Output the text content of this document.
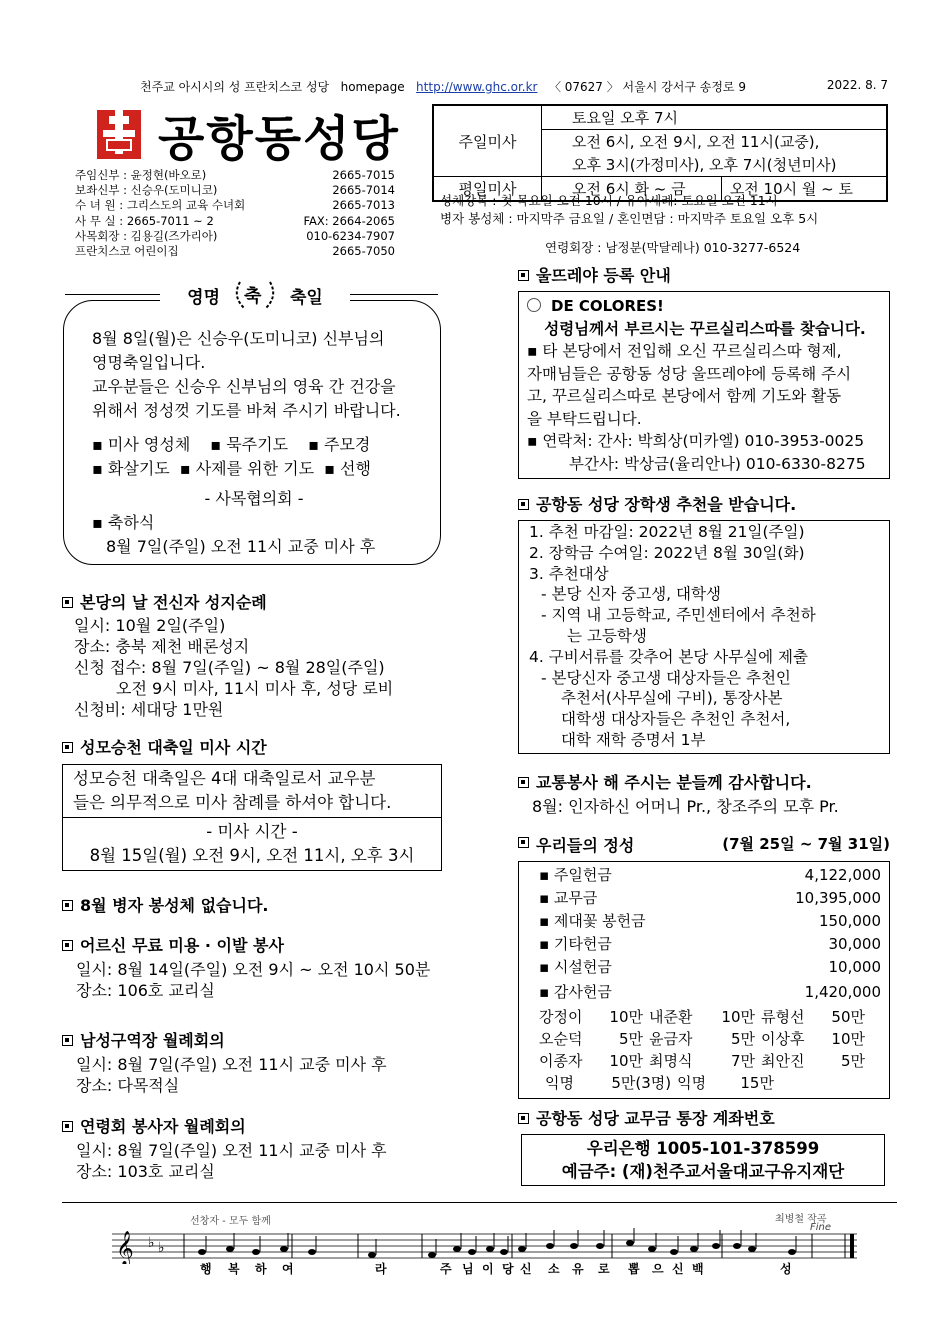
천주교 아시시의 성 프란치스코 성당 homepage http://www.ghc.or.kr 〈 07627 〉 서울시 강서구 송정로 9	2022. 8. 7
공항동성당
주임신부 : 윤정현(바오로)	2665-7015
보좌신부 : 신승우(도미니코)	2665-7014
수 녀 원 : 그리스도의 교육 수녀회	2665-7013
사 무 실 : 2665-7011 ~ 2	FAX: 2664-2065
사목회장 : 김용길(즈가리아)	010-6234-7907
프란치스코 어린이집	2665-7050
주일미사	토요일 오후 7시	
	오전 6시, 오전 9시, 오전 11시(교중),	
	오후 3시(가정미사), 오후 7시(청년미사)	
평일미사	오전 6시 화 ~ 금	오전 10시 월 ~ 토
성체강복 : 첫 목요일 오전 10시 / 유아세례: 토요일 오전 11시
병자 봉성체 : 마지막주 금요일 / 혼인면담 : 마지막주 토요일 오후 5시
연령회장 : 남정분(막달레나) 010-3277-6524
8월 8일(월)은 신승우(도미니코) 신부님의
영명축일입니다.
교우분들은 신승우 신부님의 영육 간 건강을
위해서 정성껏 기도를 바쳐 주시기 바랍니다.
▪ 미사 영성체 ▪ 묵주기도 ▪ 주모경
▪ 화살기도 ▪ 사제를 위한 기도 ▪ 선행
- 사목협의회 -
▪ 축하식
8월 7일(주일) 오전 11시 교중 미사 후
영명 축 축일
본당의 날 전신자 성지순례
일시: 10월 2일(주일)
장소: 충북 제천 배론성지
신청 접수: 8월 7일(주일) ~ 8월 28일(주일)
오전 9시 미사, 11시 미사 후, 성당 로비
신청비: 세대당 1만원
성모승천 대축일 미사 시간
성모승천 대축일은 4대 대축일로서 교우분
들은 의무적으로 미사 참례를 하셔야 합니다.
- 미사 시간 -
8월 15일(월) 오전 9시, 오전 11시, 오후 3시
8월 병자 봉성체 없습니다.
어르신 무료 미용 · 이발 봉사
일시: 8월 14일(주일) 오전 9시 ~ 오전 10시 50분
장소: 106호 교리실
남성구역장 월례회의
일시: 8월 7일(주일) 오전 11시 교중 미사 후
장소: 다목적실
연령회 봉사자 월례회의
일시: 8월 7일(주일) 오전 11시 교중 미사 후
장소: 103호 교리실
울뜨레야 등록 안내
DE COLORES!
성령님께서 부르시는 꾸르실리스따를 찾습니다.
▪ 타 본당에서 전입해 오신 꾸르실리스따 형제,
자매님들은 공항동 성당 울뜨레야에 등록해 주시
고, 꾸르실리스따로 본당에서 함께 기도와 활동
을 부탁드립니다.
▪ 연락처: 간사: 박희상(미카엘) 010-3953-0025
부간사: 박상금(율리안나) 010-6330-8275
공항동 성당 장학생 추천을 받습니다.
1. 추천 마감일: 2022년 8월 21일(주일)
2. 장학금 수여일: 2022년 8월 30일(화)
3. 추천대상
- 본당 신자 중고생, 대학생
- 지역 내 고등학교, 주민센터에서 추천하
는 고등학생
4. 구비서류를 갖추어 본당 사무실에 제출
- 본당신자 중고생 대상자들은 추천인
추천서(사무실에 구비), 통장사본
대학생 대상자들은 추천인 추천서,
대학 재학 증명서 1부
교통봉사 해 주시는 분들께 감사합니다.
8월: 인자하신 어머니 Pr., 창조주의 모후 Pr.
우리들의 정성	(7월 25일 ~ 7월 31일)
▪ 주일헌금	4,122,000
▪ 교무금	10,395,000
▪ 제대꽃 봉헌금	150,000
▪ 기타헌금	30,000
▪ 시설헌금	10,000
▪ 감사헌금	1,420,000
강정이	10만 내준환	10만 류형선	50만
오순덕	5만 윤금자	5만 이상후	10만
이종자	10만 최명식	7만 최안진	5만
익명	5만(3명) 익명	15만
공항동 성당 교무금 통장 계좌번호
우리은행 1005-101-378599
예금주: (재)천주교서울대교구유지재단
선창자 - 모두 함께	최병철 작곡
Fine
𝄞 ♭ ♭
행 복 하 여	라	주 님 이 당 신 소 유 로 뽑 으 신 백	성
